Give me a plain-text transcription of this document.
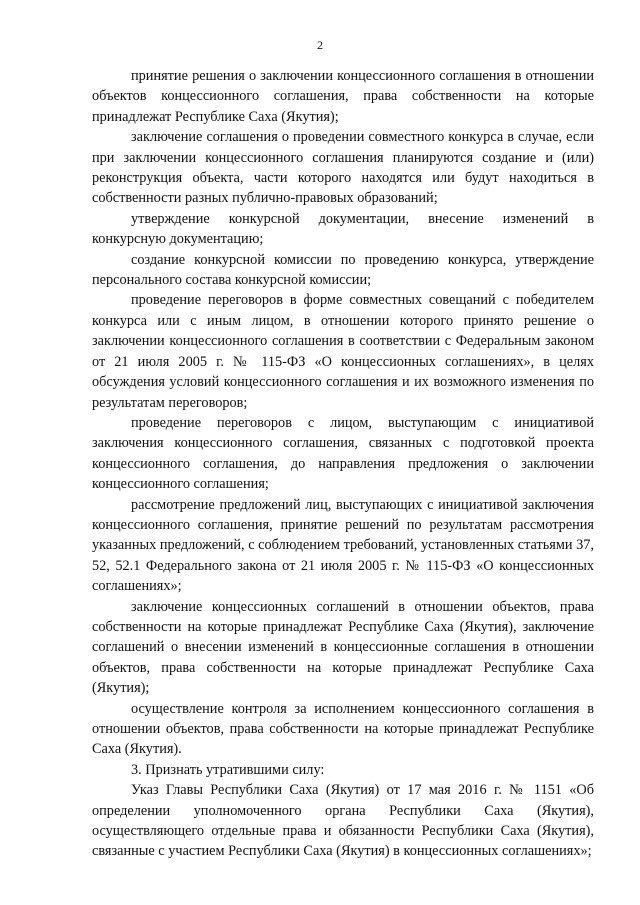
2

принятие решения о заключении концессионного соглашения в отношении объектов концессионного соглашения, права собственности на которые принадлежат Республике Саха (Якутия);

заключение соглашения о проведении совместного конкурса в случае, если при заключении концессионного соглашения планируются создание и (или) реконструкция объекта, части которого находятся или будут находиться в собственности разных публично-правовых образований;

утверждение конкурсной документации, внесение изменений в конкурсную документацию;

создание конкурсной комиссии по проведению конкурса, утверждение персонального состава конкурсной комиссии;

проведение переговоров в форме совместных совещаний с победителем конкурса или с иным лицом, в отношении которого принято решение о заключении концессионного соглашения в соответствии с Федеральным законом от 21 июля 2005 г. № 115-ФЗ «О концессионных соглашениях», в целях обсуждения условий концессионного соглашения и их возможного изменения по результатам переговоров;

проведение переговоров с лицом, выступающим с инициативой заключения концессионного соглашения, связанных с подготовкой проекта концессионного соглашения, до направления предложения о заключении концессионного соглашения;

рассмотрение предложений лиц, выступающих с инициативой заключения концессионного соглашения, принятие решений по результатам рассмотрения указанных предложений, с соблюдением требований, установленных статьями 37, 52, 52.1 Федерального закона от 21 июля 2005 г. № 115-ФЗ «О концессионных соглашениях»;

заключение концессионных соглашений в отношении объектов, права собственности на которые принадлежат Республике Саха (Якутия), заключение соглашений о внесении изменений в концессионные соглашения в отношении объектов, права собственности на которые принадлежат Республике Саха (Якутия);

осуществление контроля за исполнением концессионного соглашения в отношении объектов, права собственности на которые принадлежат Республике Саха (Якутия).

3. Признать утратившими силу:

Указ Главы Республики Саха (Якутия) от 17 мая 2016 г. № 1151 «Об определении уполномоченного органа Республики Саха (Якутия), осуществляющего отдельные права и обязанности Республики Саха (Якутия), связанные с участием Республики Саха (Якутия) в концессионных соглашениях»;
